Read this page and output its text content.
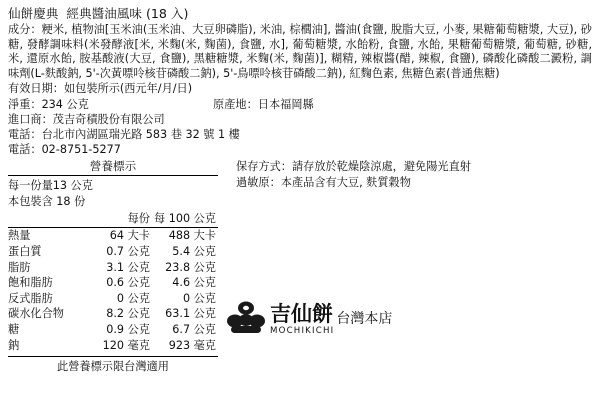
仙餅慶典  經典醬油風味 (18 入)
成分：粳米, 植物油[玉米油(玉米油、大豆卵磷脂), 米油, 棕櫚油], 醬油(食鹽, 脫脂大豆, 小麥, 果糖葡萄糖漿, 大豆), 砂糖, 發酵調味料(米發酵液[米, 米麴(米, 麴菌), 食鹽, 水], 葡萄糖漿, 水飴粉, 食鹽, 水飴, 果糖葡萄糖漿, 葡萄糖, 砂糖, 米, 還原水飴, 胺基酸液(大豆, 食鹽), 黑糖糖漿, 米麴(米, 麴菌)], 糊精, 辣椒醬(醋, 辣椒, 食鹽), 磷酸化磷酸二澱粉, 調味劑(L-麩酸鈉, 5'-次黃嘌呤核苷磷酸二鈉), 5'-鳥嘌呤核苷磷酸二鈉), 紅麴色素, 焦糖色素(普通焦糖)
有效日期：如包裝所示(西元年/月/日)
淨重：234 公克	原產地：日本福岡縣
進口商：茂吉奇積股份有限公司
電話：台北市內湖區瑞光路 583 巷 32 號 1 樓
電話：02-8751-5277
保存方式：請存放於乾燥陰涼處，避免陽光直射
過敏原：本產品含有大豆, 麩質穀物
營養標示
每一份量13 公克
本包裝含 18 份
	每份	每 100 公克
熱量	64 大卡	488 大卡
蛋白質	0.7 公克	5.4 公克
脂肪	3.1 公克	23.8 公克
飽和脂肪	0.6 公克	4.6 公克
反式脂肪	0 公克	0 公克
碳水化合物	8.2 公克	63.1 公克
糖	0.9 公克	6.7 公克
鈉	120 毫克	923 毫克
此營養標示限台灣適用
吉仙餅
MOCHIKICHI
台灣本店
